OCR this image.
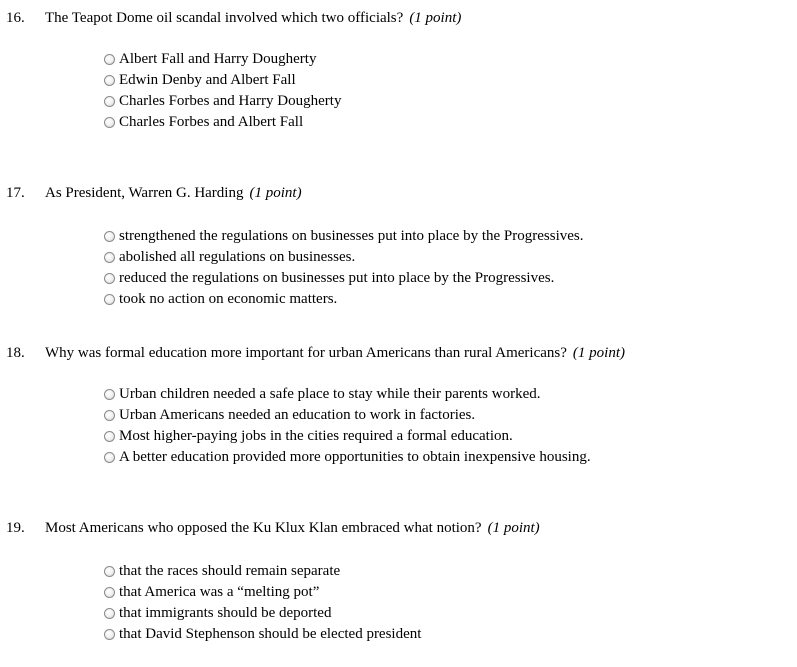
16. The Teapot Dome oil scandal involved which two officials? (1 point)
Albert Fall and Harry Dougherty
Edwin Denby and Albert Fall
Charles Forbes and Harry Dougherty
Charles Forbes and Albert Fall
17. As President, Warren G. Harding (1 point)
strengthened the regulations on businesses put into place by the Progressives.
abolished all regulations on businesses.
reduced the regulations on businesses put into place by the Progressives.
took no action on economic matters.
18. Why was formal education more important for urban Americans than rural Americans? (1 point)
Urban children needed a safe place to stay while their parents worked.
Urban Americans needed an education to work in factories.
Most higher-paying jobs in the cities required a formal education.
A better education provided more opportunities to obtain inexpensive housing.
19. Most Americans who opposed the Ku Klux Klan embraced what notion? (1 point)
that the races should remain separate
that America was a “melting pot”
that immigrants should be deported
that David Stephenson should be elected president
